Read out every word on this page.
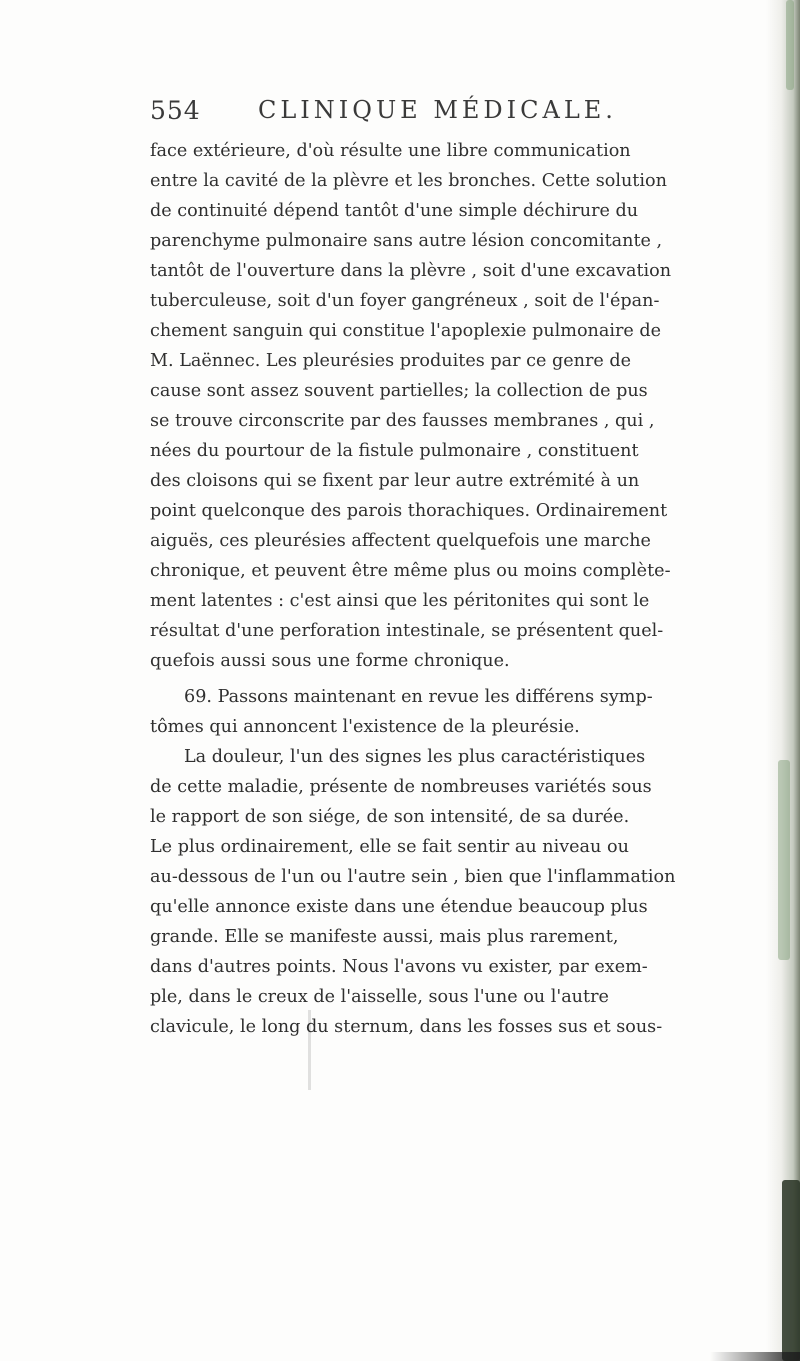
554 CLINIQUE MÉDICALE.
face extérieure, d'où résulte une libre communication
entre la cavité de la plèvre et les bronches. Cette solution
de continuité dépend tantôt d'une simple déchirure du
parenchyme pulmonaire sans autre lésion concomitante ,
tantôt de l'ouverture dans la plèvre , soit d'une excavation
tuberculeuse, soit d'un foyer gangréneux , soit de l'épan-
chement sanguin qui constitue l'apoplexie pulmonaire de
M. Laënnec. Les pleurésies produites par ce genre de
cause sont assez souvent partielles; la collection de pus
se trouve circonscrite par des fausses membranes , qui ,
nées du pourtour de la fistule pulmonaire , constituent
des cloisons qui se fixent par leur autre extrémité à un
point quelconque des parois thorachiques. Ordinairement
aiguës, ces pleurésies affectent quelquefois une marche
chronique, et peuvent être même plus ou moins complète-
ment latentes : c'est ainsi que les péritonites qui sont le
résultat d'une perforation intestinale, se présentent quel-
quefois aussi sous une forme chronique.
69. Passons maintenant en revue les différens symp-
tômes qui annoncent l'existence de la pleurésie.
La douleur, l'un des signes les plus caractéristiques
de cette maladie, présente de nombreuses variétés sous
le rapport de son siége, de son intensité, de sa durée.
Le plus ordinairement, elle se fait sentir au niveau ou
au-dessous de l'un ou l'autre sein , bien que l'inflammation
qu'elle annonce existe dans une étendue beaucoup plus
grande. Elle se manifeste aussi, mais plus rarement,
dans d'autres points. Nous l'avons vu exister, par exem-
ple, dans le creux de l'aisselle, sous l'une ou l'autre
clavicule, le long du sternum, dans les fosses sus et sous-
